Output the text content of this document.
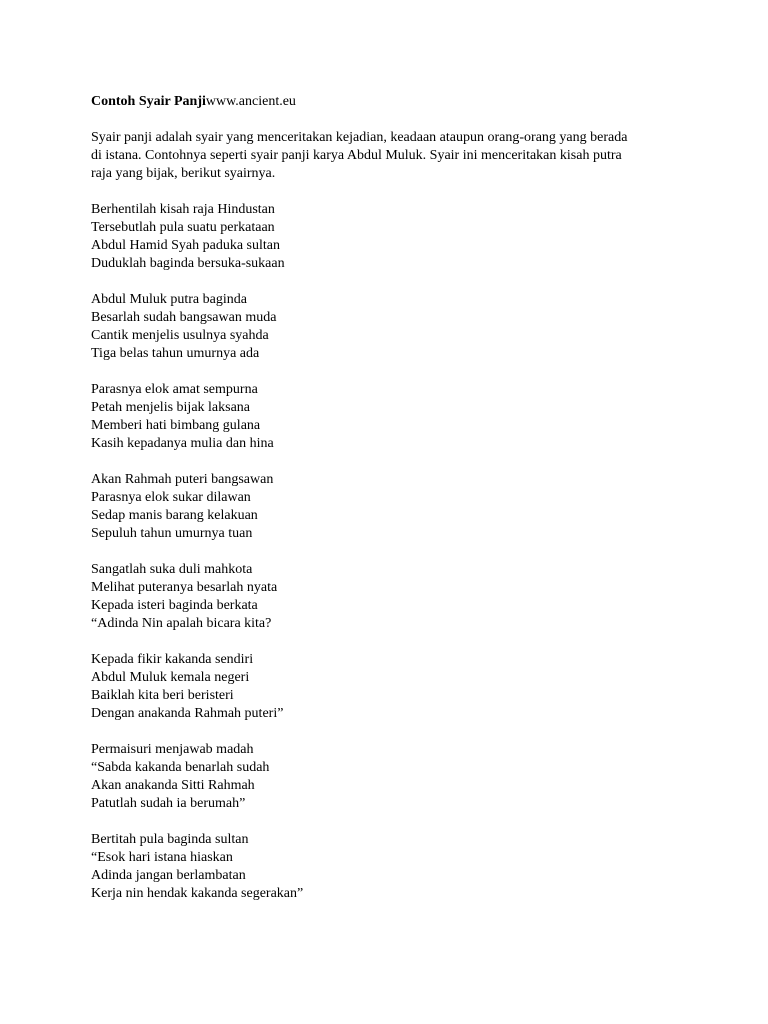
Contoh Syair Panjiwww.ancient.eu
Syair panji adalah syair yang menceritakan kejadian, keadaan ataupun orang-orang yang berada
di istana. Contohnya seperti syair panji karya Abdul Muluk. Syair ini menceritakan kisah putra
raja yang bijak, berikut syairnya.
Berhentilah kisah raja Hindustan
Tersebutlah pula suatu perkataan
Abdul Hamid Syah paduka sultan
Duduklah baginda bersuka-sukaan
Abdul Muluk putra baginda
Besarlah sudah bangsawan muda
Cantik menjelis usulnya syahda
Tiga belas tahun umurnya ada
Parasnya elok amat sempurna
Petah menjelis bijak laksana
Memberi hati bimbang gulana
Kasih kepadanya mulia dan hina
Akan Rahmah puteri bangsawan
Parasnya elok sukar dilawan
Sedap manis barang kelakuan
Sepuluh tahun umurnya tuan
Sangatlah suka duli mahkota
Melihat puteranya besarlah nyata
Kepada isteri baginda berkata
“Adinda Nin apalah bicara kita?
Kepada fikir kakanda sendiri
Abdul Muluk kemala negeri
Baiklah kita beri beristeri
Dengan anakanda Rahmah puteri”
Permaisuri menjawab madah
“Sabda kakanda benarlah sudah
Akan anakanda Sitti Rahmah
Patutlah sudah ia berumah”
Bertitah pula baginda sultan
“Esok hari istana hiaskan
Adinda jangan berlambatan
Kerja nin hendak kakanda segerakan”
